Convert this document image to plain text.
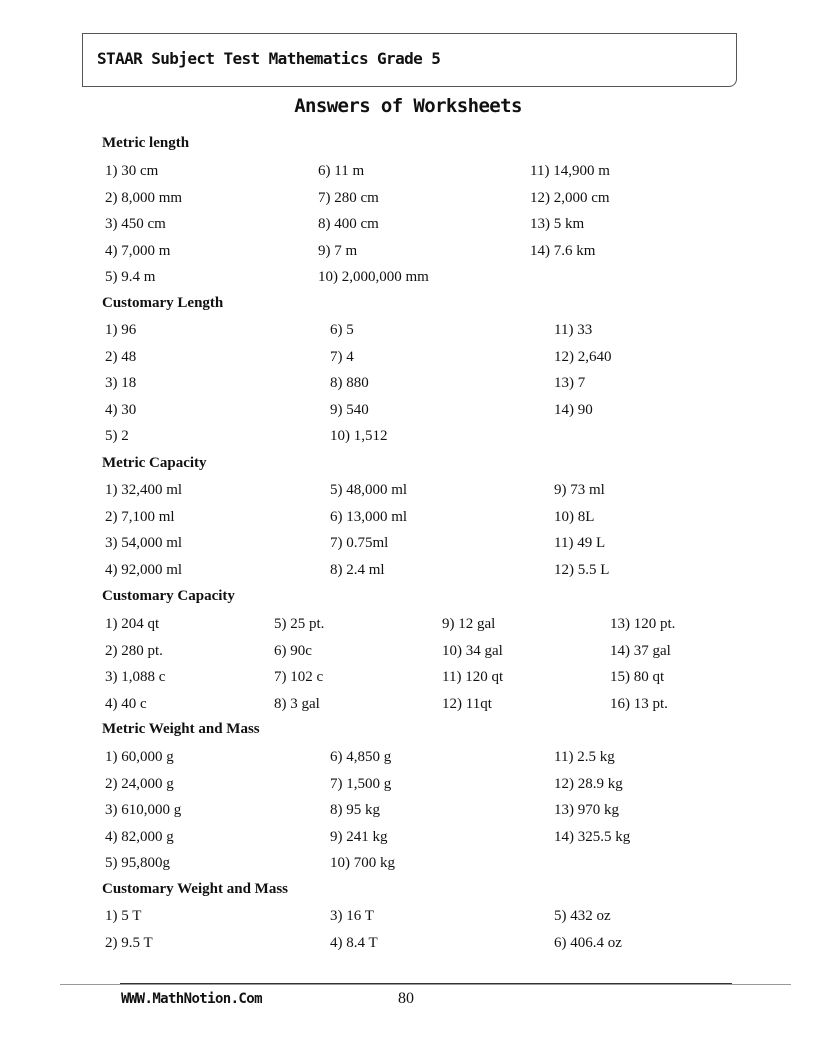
STAAR Subject Test Mathematics Grade 5
Answers of Worksheets
Metric length
1) 30 cm
2) 8,000 mm
3) 450 cm
4) 7,000 m
5) 9.4 m
6) 11 m
7) 280 cm
8) 400 cm
9) 7 m
10) 2,000,000 mm
11) 14,900 m
12) 2,000 cm
13) 5 km
14) 7.6 km
Customary Length
1) 96
2) 48
3) 18
4) 30
5) 2
6) 5
7) 4
8) 880
9) 540
10) 1,512
11) 33
12) 2,640
13) 7
14) 90
Metric Capacity
1) 32,400 ml
2) 7,100 ml
3) 54,000 ml
4) 92,000 ml
5) 48,000 ml
6) 13,000 ml
7) 0.75ml
8) 2.4 ml
9) 73 ml
10) 8L
11) 49 L
12) 5.5 L
Customary Capacity
1) 204 qt
2) 280 pt.
3) 1,088 c
4) 40 c
5) 25 pt.
6) 90c
7) 102 c
8) 3 gal
9) 12 gal
10) 34 gal
11) 120 qt
12) 11qt
13) 120 pt.
14) 37 gal
15) 80 qt
16) 13 pt.
Metric Weight and Mass
1) 60,000 g
2) 24,000 g
3) 610,000 g
4) 82,000 g
5) 95,800g
6) 4,850 g
7) 1,500 g
8) 95 kg
9) 241 kg
10) 700 kg
11) 2.5 kg
12) 28.9 kg
13) 970 kg
14) 325.5 kg
Customary Weight and Mass
1) 5 T
2) 9.5 T
3) 16 T
4) 8.4 T
5) 432 oz
6) 406.4 oz
WWW.MathNotion.Com	80
